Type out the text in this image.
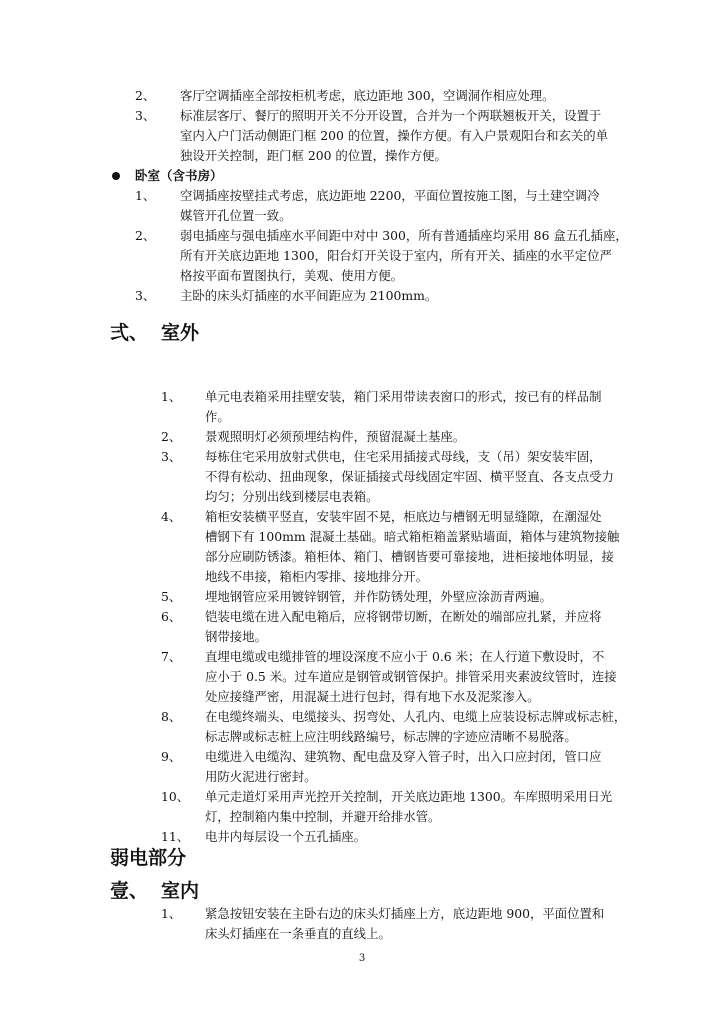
2、 客厅空调插座全部按柜机考虑，底边距地 300，空调洞作相应处理。
3、 标准层客厅、餐厅的照明开关不分开设置，合并为一个两联翘板开关，设置于
室内入户门活动侧距门框 200 的位置，操作方便。有入户景观阳台和玄关的单
独设开关控制，距门框 200 的位置，操作方便。
卧室（含书房）
1、 空调插座按壁挂式考虑，底边距地 2200，平面位置按施工图，与土建空调冷
媒管开孔位置一致。
2、 弱电插座与强电插座水平间距中对中 300，所有普通插座均采用 86 盒五孔插座，
所有开关底边距地 1300，阳台灯开关设于室内，所有开关、插座的水平定位严
格按平面布置图执行，美观、使用方便。
3、 主卧的床头灯插座的水平间距应为 2100mm。
弍、 室外
1、 单元电表箱采用挂壁安装，箱门采用带读表窗口的形式，按已有的样品制
作。
2、 景观照明灯必须预埋结构件，预留混凝土基座。
3、 每栋住宅采用放射式供电，住宅采用插接式母线，支（吊）架安装牢固，
不得有松动、扭曲现象，保证插接式母线固定牢固、横平竖直、各支点受力
均匀；分别出线到楼层电表箱。
4、 箱柜安装横平竖直，安装牢固不晃，柜底边与槽钢无明显缝隙，在潮湿处
槽钢下有 100mm 混凝土基础。暗式箱柜箱盖紧贴墙面，箱体与建筑物接触
部分应刷防锈漆。箱柜体、箱门、槽钢皆要可靠接地，进柜接地体明显，接
地线不串接，箱柜内零排、接地排分开。
5、 埋地钢管应采用镀锌钢管，并作防锈处理，外壁应涂沥青两遍。
6、 铠装电缆在进入配电箱后，应将钢带切断，在断处的端部应扎紧，并应将
钢带接地。
7、 直埋电缆或电缆排管的埋设深度不应小于 0.6 米；在人行道下敷设时，不
应小于 0.5 米。过车道应是钢管或钢管保护。排管采用夹素波纹管时，连接
处应接缝严密，用混凝土进行包封，得有地下水及泥浆渗入。
8、 在电缆终端头、电缆接头、拐弯处、人孔内、电缆上应装设标志牌或标志桩，
标志牌或标志桩上应注明线路编号，标志牌的字迹应清晰不易脱落。
9、 电缆进入电缆沟、建筑物、配电盘及穿入管子时，出入口应封闭，管口应
用防火泥进行密封。
10、 单元走道灯采用声光控开关控制，开关底边距地 1300。车库照明采用日光
灯，控制箱内集中控制，并避开给排水管。
11、 电井内每层设一个五孔插座。
弱电部分
壹、 室内
1、 紧急按钮安装在主卧右边的床头灯插座上方，底边距地 900，平面位置和
床头灯插座在一条垂直的直线上。
3
